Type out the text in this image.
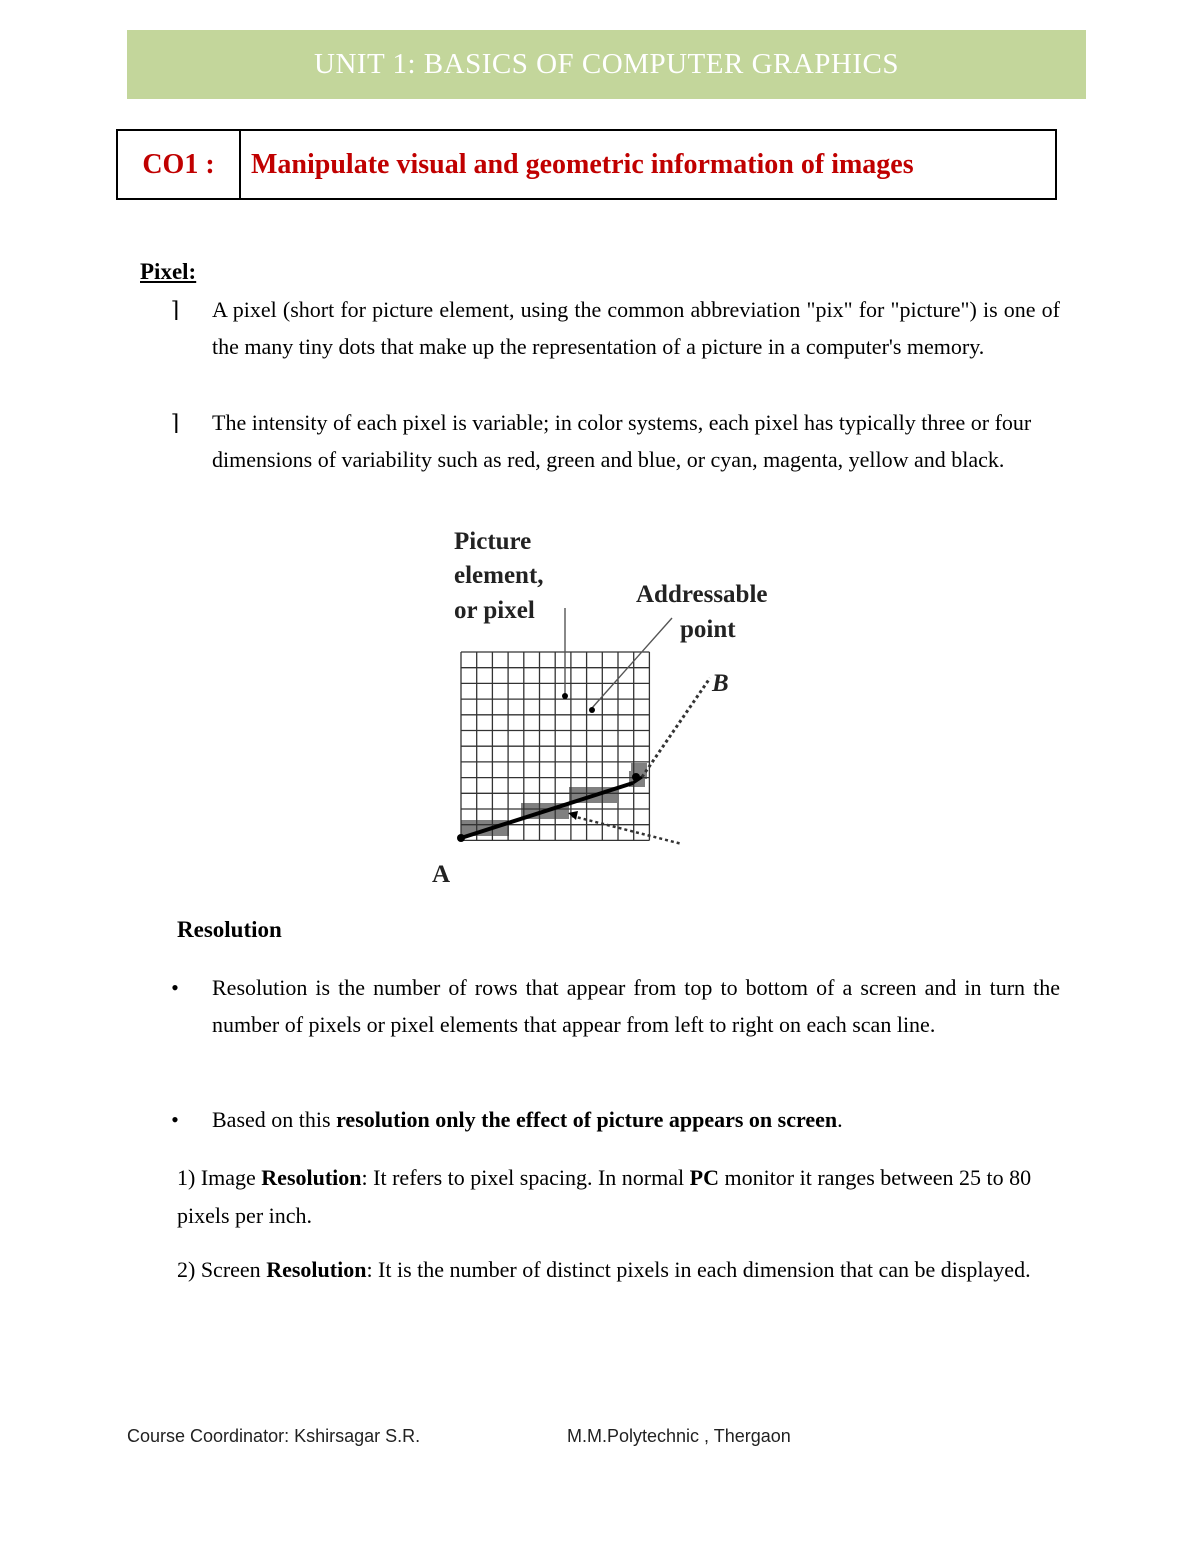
UNIT 1: BASICS OF COMPUTER GRAPHICS
CO1 :	Manipulate visual and geometric information of images
Pixel:
⌉	A pixel (short for picture element, using the common abbreviation "pix" for "picture") is one of the many tiny dots that make up the representation of a picture in a computer's memory.
⌉	The intensity of each pixel is variable; in color systems, each pixel has typically three or four dimensions of variability such as red, green and blue, or cyan, magenta, yellow and black.
Picture
element,
or pixel
Addressable
point
B
A
Resolution
•	Resolution is the number of rows that appear from top to bottom of a screen and in turn the number of pixels or pixel elements that appear from left to right on each scan line.
•	Based on this resolution only the effect of picture appears on screen.
1) Image Resolution: It refers to pixel spacing. In normal PC monitor it ranges between 25 to 80 pixels per inch.
2) Screen Resolution: It is the number of distinct pixels in each dimension that can be displayed.
Course Coordinator: Kshirsagar S.R.	M.M.Polytechnic , Thergaon
